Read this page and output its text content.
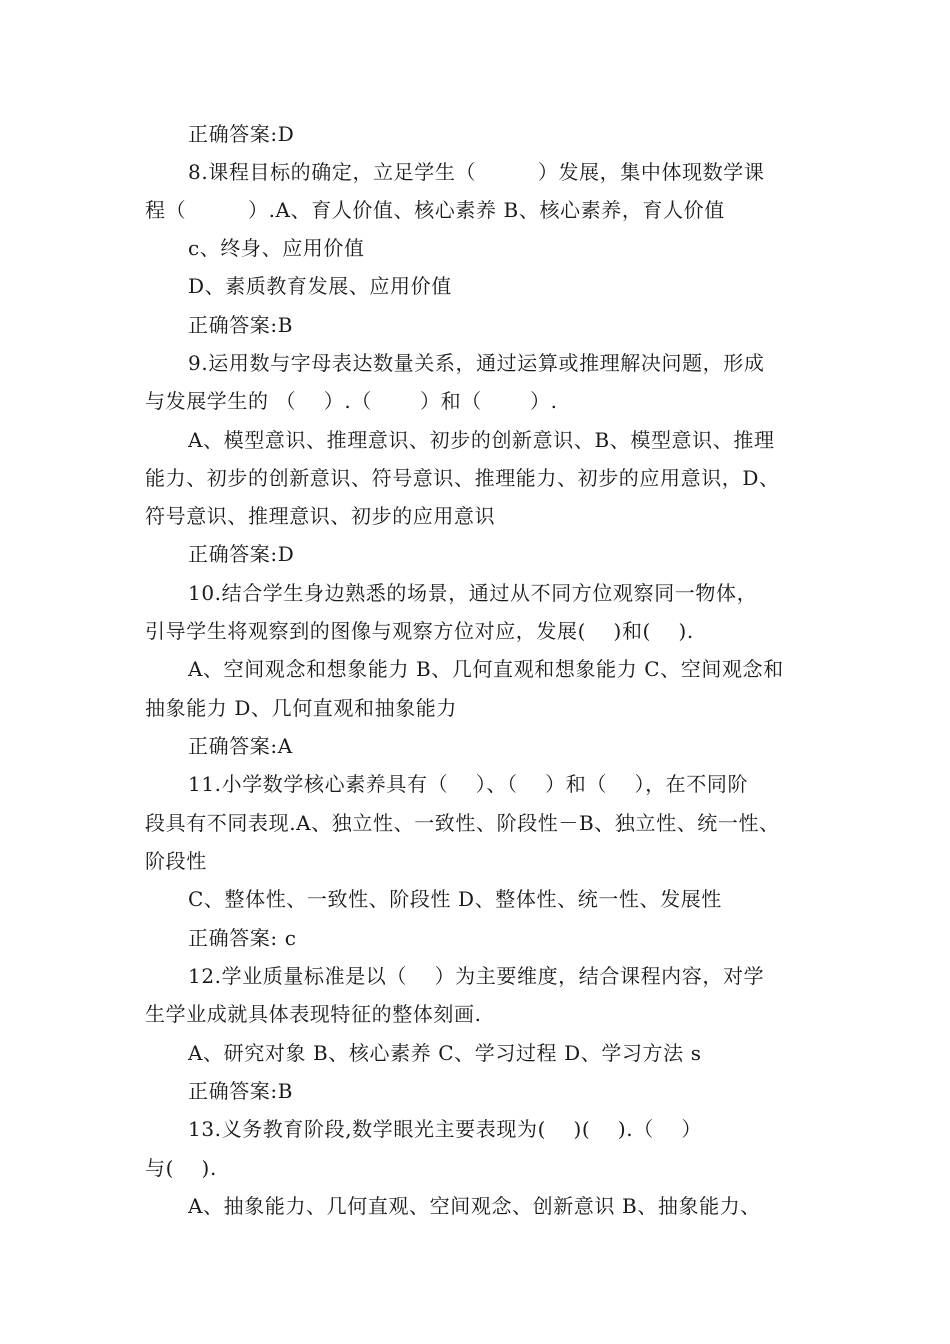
正确答案:D
8.课程目标的确定，立足学生（　　　）发展，集中体现数学课
程（　　　）.A、育人价值、核心素养 B、核心素养，育人价值
c、终身、应用价值
D、素质教育发展、应用价值
正确答案:B
9.运用数与字母表达数量关系，通过运算或推理解决问题，形成
与发展学生的 （　 ）.（　　 ）和（　　 ）.
A、模型意识、推理意识、初步的创新意识、B、模型意识、推理
能力、初步的创新意识、符号意识、推理能力、初步的应用意识，D、
符号意识、推理意识、初步的应用意识
正确答案:D
10.结合学生身边熟悉的场景，通过从不同方位观察同一物体，
引导学生将观察到的图像与观察方位对应，发展(　 )和(　 ).
A、空间观念和想象能力 B、几何直观和想象能力 C、空间观念和
抽象能力 D、几何直观和抽象能力
正确答案:A
11.小学数学核心素养具有（　 ）、（　 ）和（　 ），在不同阶
段具有不同表现.A、独立性、一致性、阶段性－B、独立性、统一性、
阶段性
C、整体性、一致性、阶段性 D、整体性、统一性、发展性
正确答案: c
12.学业质量标准是以（　 ）为主要维度，结合课程内容，对学
生学业成就具体表现特征的整体刻画.
A、研究对象 B、核心素养 C、学习过程 D、学习方法 s
正确答案:B
13.义务教育阶段,数学眼光主要表现为(　 )(　 ).（　 ）
与(　 ).
A、抽象能力、几何直观、空间观念、创新意识 B、抽象能力、
